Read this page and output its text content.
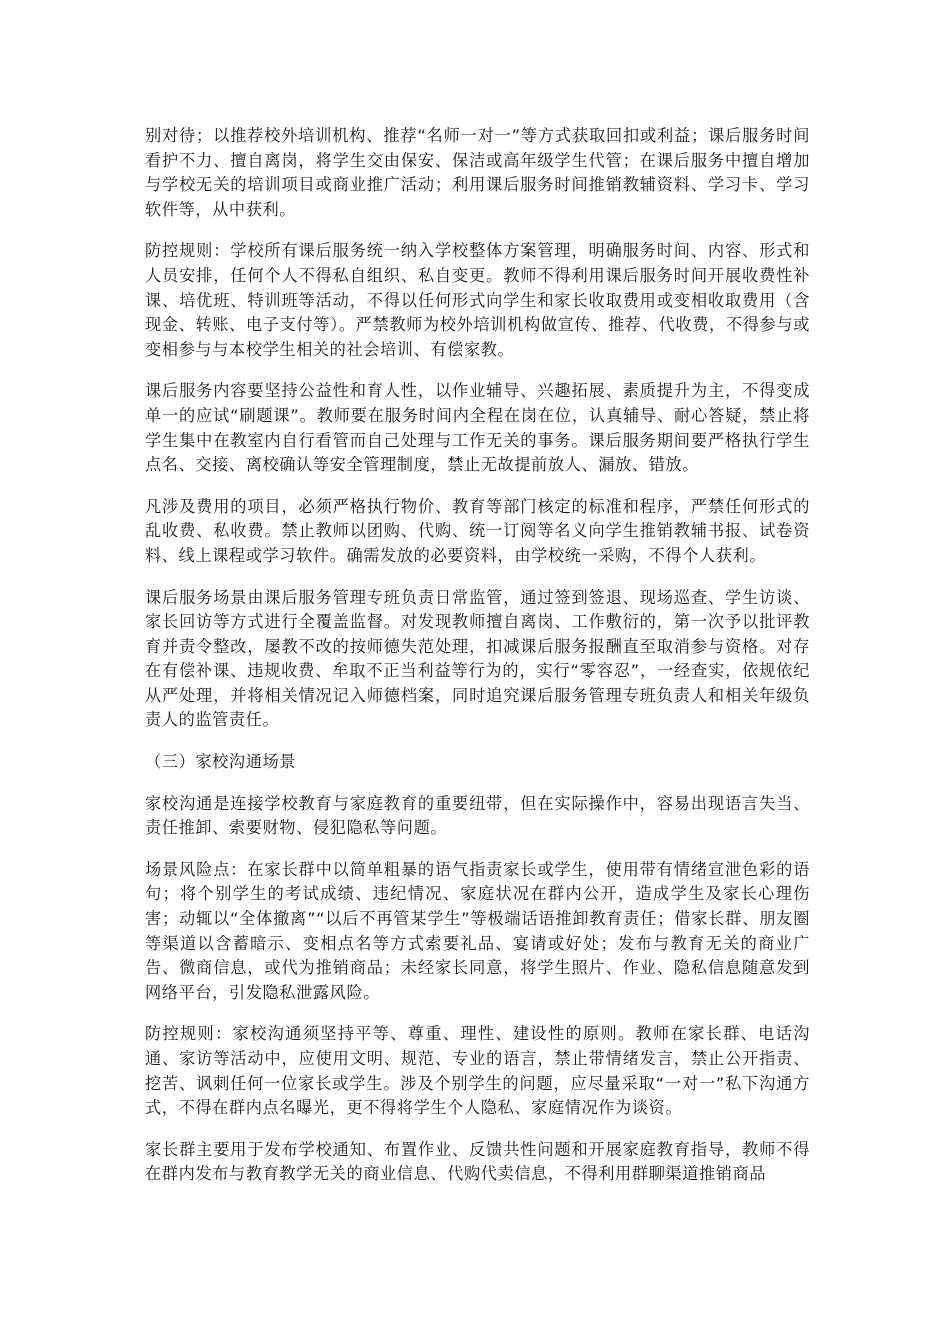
别对待；以推荐校外培训机构、推荐“名师一对一”等方式获取回扣或利益；课后服务时间看护不力、擅自离岗，将学生交由保安、保洁或高年级学生代管；在课后服务中擅自增加与学校无关的培训项目或商业推广活动；利用课后服务时间推销教辅资料、学习卡、学习软件等，从中获利。

防控规则：学校所有课后服务统一纳入学校整体方案管理，明确服务时间、内容、形式和人员安排，任何个人不得私自组织、私自变更。教师不得利用课后服务时间开展收费性补课、培优班、特训班等活动，不得以任何形式向学生和家长收取费用或变相收取费用（含现金、转账、电子支付等）。严禁教师为校外培训机构做宣传、推荐、代收费，不得参与或变相参与与本校学生相关的社会培训、有偿家教。

课后服务内容要坚持公益性和育人性，以作业辅导、兴趣拓展、素质提升为主，不得变成单一的应试“刷题课”。教师要在服务时间内全程在岗在位，认真辅导、耐心答疑，禁止将学生集中在教室内自行看管而自己处理与工作无关的事务。课后服务期间要严格执行学生点名、交接、离校确认等安全管理制度，禁止无故提前放人、漏放、错放。

凡涉及费用的项目，必须严格执行物价、教育等部门核定的标准和程序，严禁任何形式的乱收费、私收费。禁止教师以团购、代购、统一订阅等名义向学生推销教辅书报、试卷资料、线上课程或学习软件。确需发放的必要资料，由学校统一采购，不得个人获利。

课后服务场景由课后服务管理专班负责日常监管，通过签到签退、现场巡查、学生访谈、家长回访等方式进行全覆盖监督。对发现教师擅自离岗、工作敷衍的，第一次予以批评教育并责令整改，屡教不改的按师德失范处理，扣减课后服务报酬直至取消参与资格。对存在有偿补课、违规收费、牟取不正当利益等行为的，实行“零容忍”，一经查实，依规依纪从严处理，并将相关情况记入师德档案，同时追究课后服务管理专班负责人和相关年级负责人的监管责任。

（三）家校沟通场景

家校沟通是连接学校教育与家庭教育的重要纽带，但在实际操作中，容易出现语言失当、责任推卸、索要财物、侵犯隐私等问题。

场景风险点：在家长群中以简单粗暴的语气指责家长或学生，使用带有情绪宣泄色彩的语句；将个别学生的考试成绩、违纪情况、家庭状况在群内公开，造成学生及家长心理伤害；动辄以“全体撤离”“以后不再管某学生”等极端话语推卸教育责任；借家长群、朋友圈等渠道以含蓄暗示、变相点名等方式索要礼品、宴请或好处；发布与教育无关的商业广告、微商信息，或代为推销商品；未经家长同意，将学生照片、作业、隐私信息随意发到网络平台，引发隐私泄露风险。

防控规则：家校沟通须坚持平等、尊重、理性、建设性的原则。教师在家长群、电话沟通、家访等活动中，应使用文明、规范、专业的语言，禁止带情绪发言，禁止公开指责、挖苦、讽刺任何一位家长或学生。涉及个别学生的问题，应尽量采取“一对一”私下沟通方式，不得在群内点名曝光，更不得将学生个人隐私、家庭情况作为谈资。

家长群主要用于发布学校通知、布置作业、反馈共性问题和开展家庭教育指导，教师不得在群内发布与教育教学无关的商业信息、代购代卖信息，不得利用群聊渠道推销商品
